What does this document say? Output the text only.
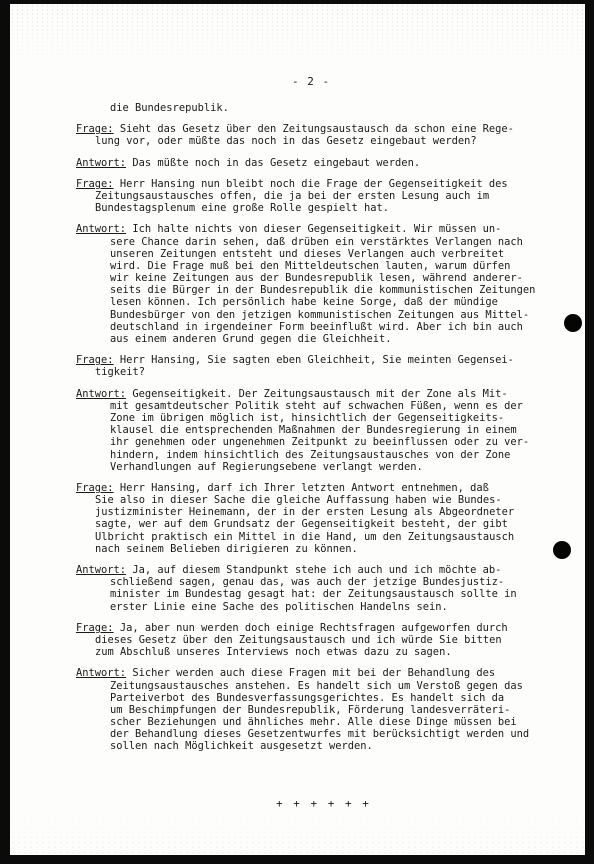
- 2 -
die Bundesrepublik.
Frage: Sieht das Gesetz über den Zeitungsaustausch da schon eine Rege-
lung vor, oder müßte das noch in das Gesetz eingebaut werden?
Antwort: Das müßte noch in das Gesetz eingebaut werden.
Frage: Herr Hansing nun bleibt noch die Frage der Gegenseitigkeit des
Zeitungsaustausches offen, die ja bei der ersten Lesung auch im
Bundestagsplenum eine große Rolle gespielt hat.
Antwort: Ich halte nichts von dieser Gegenseitigkeit. Wir müssen un-
sere Chance darin sehen, daß drüben ein verstärktes Verlangen nach
unseren Zeitungen entsteht und dieses Verlangen auch verbreitet
wird. Die Frage muß bei den Mitteldeutschen lauten, warum dürfen
wir keine Zeitungen aus der Bundesrepublik lesen, während anderer-
seits die Bürger in der Bundesrepublik die kommunistischen Zeitungen
lesen können. Ich persönlich habe keine Sorge, daß der mündige
Bundesbürger von den jetzigen kommunistischen Zeitungen aus Mittel-
deutschland in irgendeiner Form beeinflußt wird. Aber ich bin auch
aus einem anderen Grund gegen die Gleichheit.
Frage: Herr Hansing, Sie sagten eben Gleichheit, Sie meinten Gegensei-
tigkeit?
Antwort: Gegenseitigkeit. Der Zeitungsaustausch mit der Zone als Mit-
mit gesamtdeutscher Politik steht auf schwachen Füßen, wenn es der
Zone im übrigen möglich ist, hinsichtlich der Gegenseitigkeits-
klausel die entsprechenden Maßnahmen der Bundesregierung in einem
ihr genehmen oder ungenehmen Zeitpunkt zu beeinflussen oder zu ver-
hindern, indem hinsichtlich des Zeitungsaustausches von der Zone
Verhandlungen auf Regierungsebene verlangt werden.
Frage: Herr Hansing, darf ich Ihrer letzten Antwort entnehmen, daß
Sie also in dieser Sache die gleiche Auffassung haben wie Bundes-
justizminister Heinemann, der in der ersten Lesung als Abgeordneter
sagte, wer auf dem Grundsatz der Gegenseitigkeit besteht, der gibt
Ulbricht praktisch ein Mittel in die Hand, um den Zeitungsaustausch
nach seinem Belieben dirigieren zu können.
Antwort: Ja, auf diesem Standpunkt stehe ich auch und ich möchte ab-
schließend sagen, genau das, was auch der jetzige Bundesjustiz-
minister im Bundestag gesagt hat: der Zeitungsaustausch sollte in
erster Linie eine Sache des politischen Handelns sein.
Frage: Ja, aber nun werden doch einige Rechtsfragen aufgeworfen durch
dieses Gesetz über den Zeitungsaustausch und ich würde Sie bitten
zum Abschluß unseres Interviews noch etwas dazu zu sagen.
Antwort: Sicher werden auch diese Fragen mit bei der Behandlung des
Zeitungsaustausches anstehen. Es handelt sich um Verstoß gegen das
Parteiverbot des Bundesverfassungsgerichtes. Es handelt sich da
um Beschimpfungen der Bundesrepublik, Förderung landesverräteri-
scher Beziehungen und ähnliches mehr. Alle diese Dinge müssen bei
der Behandlung dieses Gesetzentwurfes mit berücksichtigt werden und
sollen nach Möglichkeit ausgesetzt werden.
+ + + + + +
